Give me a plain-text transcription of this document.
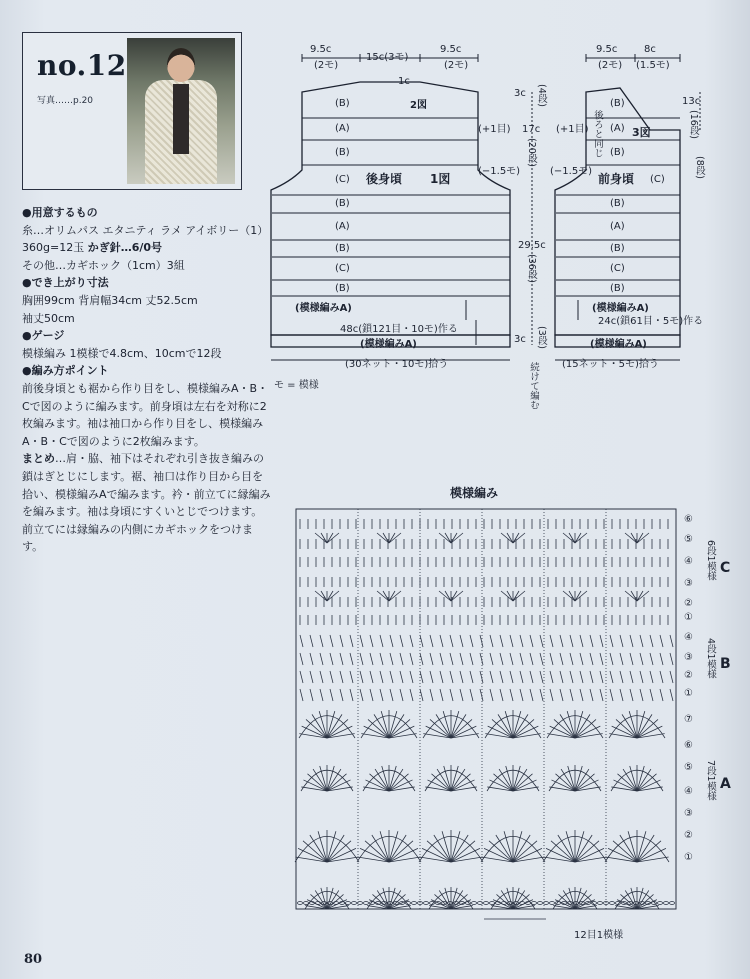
no.12
写真……p.20

●用意するもの

糸…オリムパス エタニティ ラメ アイボリー（1）360g=12玉 かぎ針…6/0号

その他…カギホック（1cm）3組

●でき上がり寸法

胸囲99cm 背肩幅34cm 丈52.5cm

袖丈50cm

●ゲージ

模様編み 1模様で4.8cm、10cmで12段

●編み方ポイント

前後身頃とも裾から作り目をし、模様編みA・B・Cで図のように編みます。前身頃は左右を対称に2枚編みます。袖は袖口から作り目をし、模様編みA・B・Cで図のように2枚編みます。

まとめ…肩・脇、袖下はそれぞれ引き抜き編みの鎖はぎとじにします。裾、袖口は作り目から目を拾い、模様編みAで編みます。衿・前立てに縁編みを編みます。袖は身頃にすくいとじでつけます。前立てには縁編みの内側にカギホックをつけます。

9.5c
(2モ)
15c(3モ)
9.5c
(2モ)
1c
2図
後身頃 1図
(B)
(A)
(B)
(C)
(B)
(A)
(B)
(C)
(B)
(模様編みA)
48c(鎖121目・10モ)作る
(模様編みA)
(30ネット・10モ)拾う
(+1目)
(−1.5モ)
3c (4段)
17c
(20段)
29.5c
(36段)
3c (3段)
続けて編む
9.5c
(2モ)
8c
(1.5モ)
(B)
(A) 3図
(B)
前身頃 (C)
(B)
(A)
(B)
(C)
(B)
(模様編みA)
24c(鎖61目・5モ)作る
(模様編みA)
(15ネット・5モ)拾う
(+1目) 後ろと同じ
(−1.5モ)
13c
(16段)
(8段)
モ = 模様
模様編み
⑥
⑤
④
③
②
①
6段1模様 C
④
③
②
①
4段1模様 B
⑦
⑥
⑤
④
③
②
①
7段1模様 A
12目1模様
80
